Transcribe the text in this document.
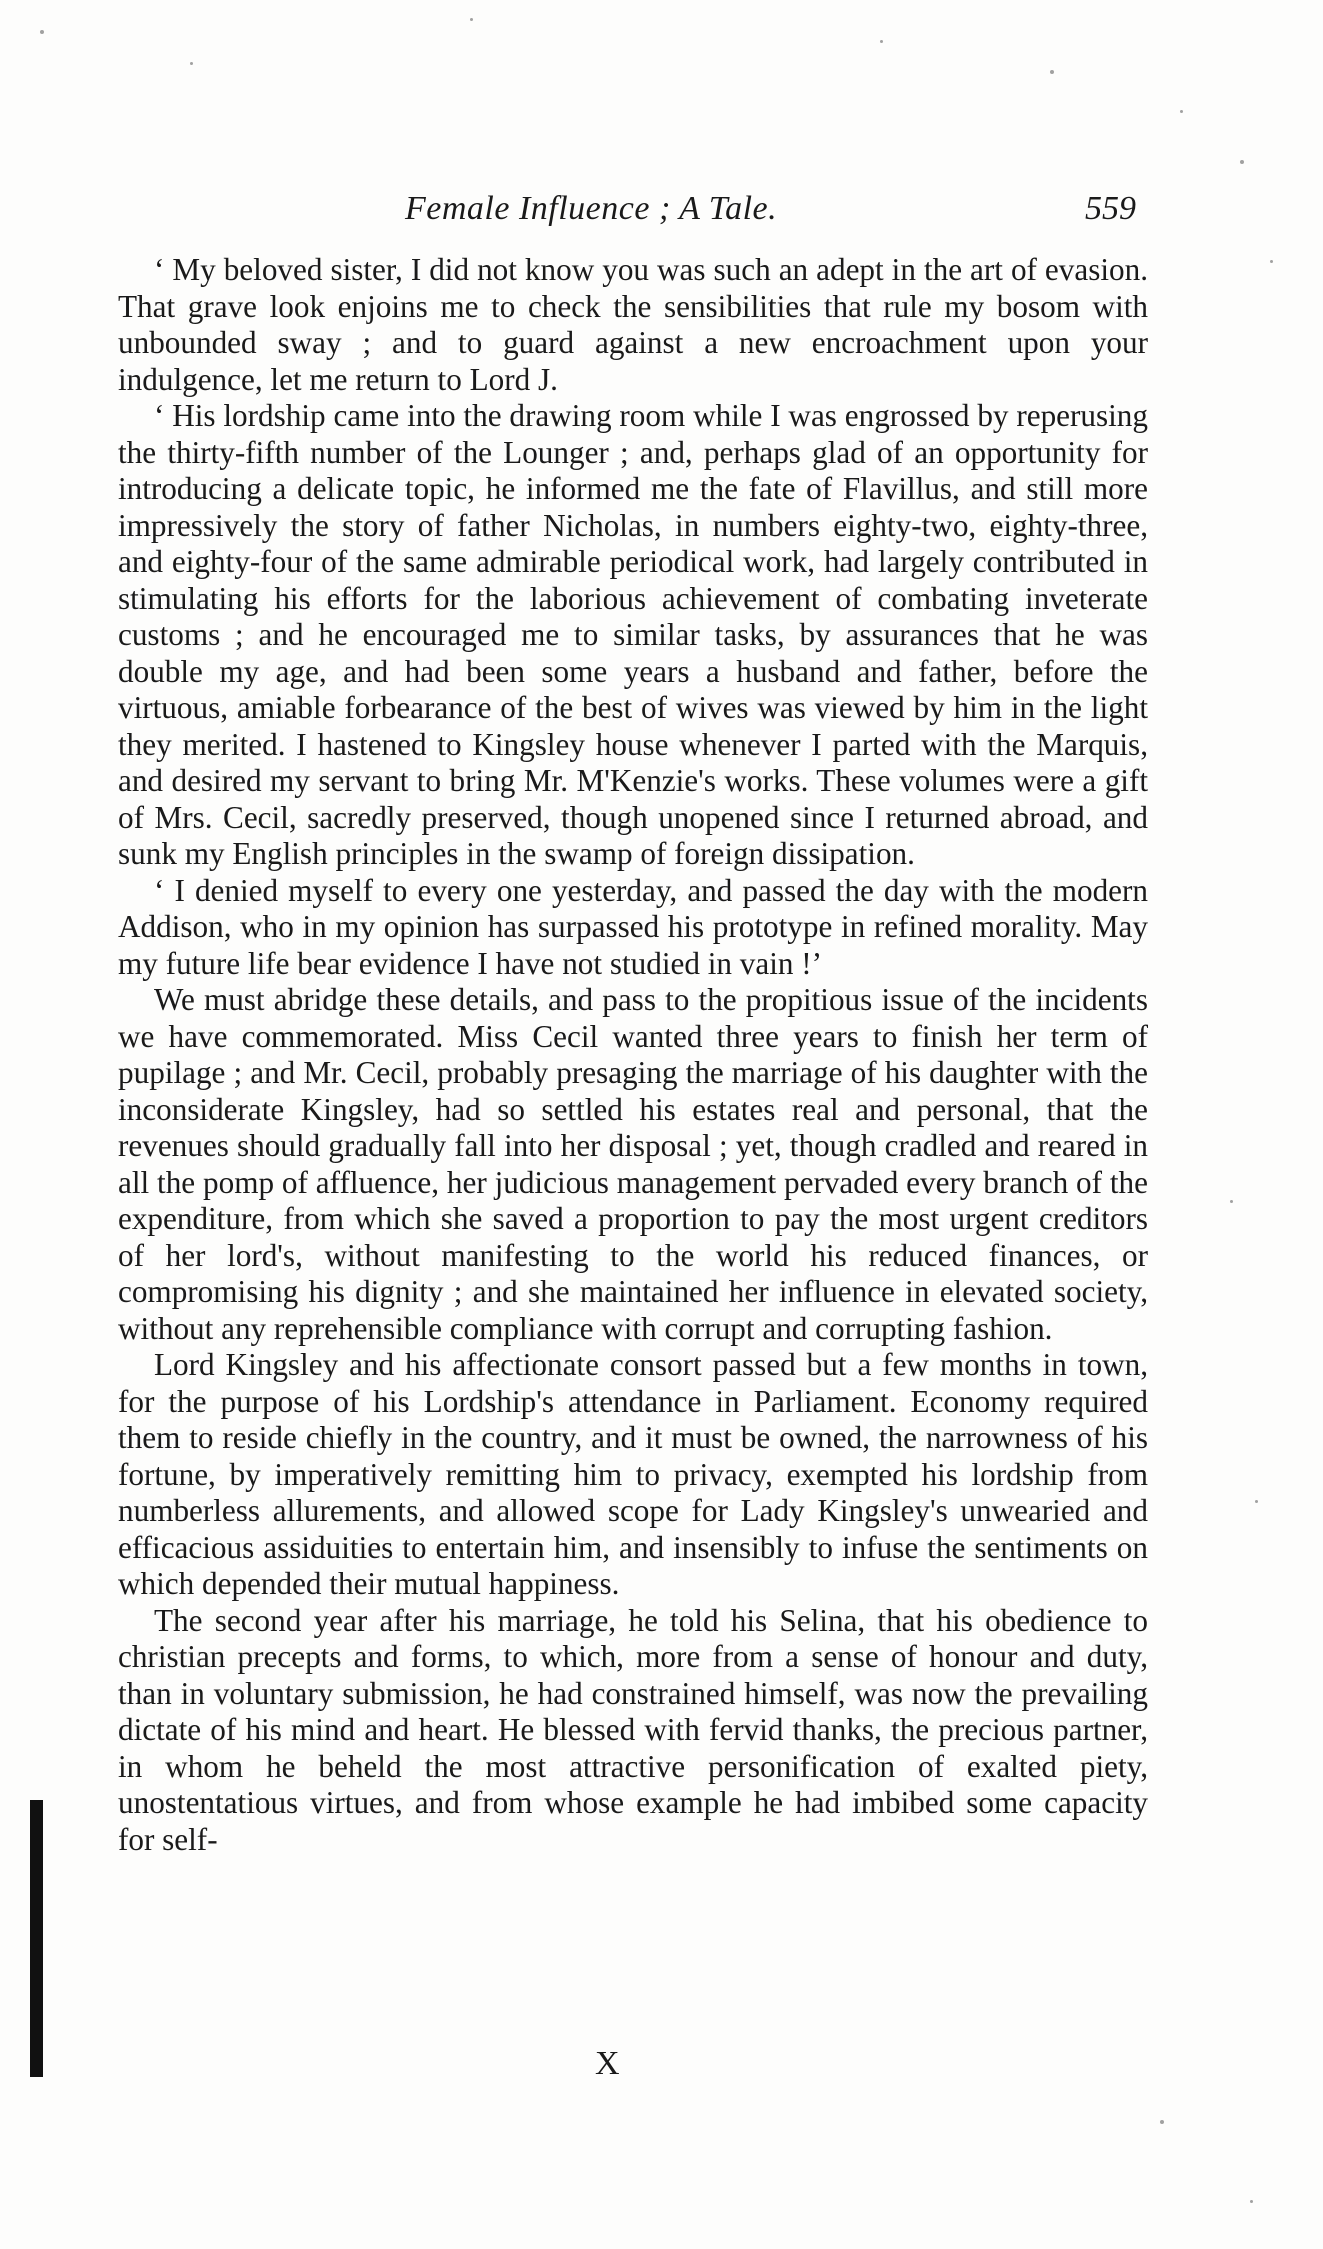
Female Influence ; A Tale.	559

‘ My beloved sister, I did not know you was such an adept in the art of evasion. That grave look enjoins me to check the sensibilities that rule my bosom with unbounded sway ; and to guard against a new encroachment upon your indulgence, let me return to Lord J.

‘ His lordship came into the drawing room while I was engrossed by reperusing the thirty-fifth number of the Lounger ; and, perhaps glad of an opportunity for introducing a delicate topic, he informed me the fate of Flavillus, and still more impressively the story of father Nicholas, in numbers eighty-two, eighty-three, and eighty-four of the same admirable periodical work, had largely contributed in stimulating his efforts for the laborious achievement of combating inveterate customs ; and he encouraged me to similar tasks, by assurances that he was double my age, and had been some years a husband and father, before the virtuous, amiable forbearance of the best of wives was viewed by him in the light they merited. I hastened to Kingsley house whenever I parted with the Marquis, and desired my servant to bring Mr. M'Kenzie's works. These volumes were a gift of Mrs. Cecil, sacredly preserved, though unopened since I returned abroad, and sunk my English principles in the swamp of foreign dissipation.

‘ I denied myself to every one yesterday, and passed the day with the modern Addison, who in my opinion has surpassed his prototype in refined morality. May my future life bear evidence I have not studied in vain !’

We must abridge these details, and pass to the propitious issue of the incidents we have commemorated. Miss Cecil wanted three years to finish her term of pupilage ; and Mr. Cecil, probably presaging the marriage of his daughter with the inconsiderate Kingsley, had so settled his estates real and personal, that the revenues should gradually fall into her disposal ; yet, though cradled and reared in all the pomp of affluence, her judicious management pervaded every branch of the expenditure, from which she saved a proportion to pay the most urgent creditors of her lord's, without manifesting to the world his reduced finances, or compromising his dignity ; and she maintained her influence in elevated society, without any reprehensible compliance with corrupt and corrupting fashion.

Lord Kingsley and his affectionate consort passed but a few months in town, for the purpose of his Lordship's attendance in Parliament. Economy required them to reside chiefly in the country, and it must be owned, the narrowness of his fortune, by imperatively remitting him to privacy, exempted his lordship from numberless allurements, and allowed scope for Lady Kingsley's unwearied and efficacious assiduities to entertain him, and insensibly to infuse the sentiments on which depended their mutual happiness.

The second year after his marriage, he told his Selina, that his obedience to christian precepts and forms, to which, more from a sense of honour and duty, than in voluntary submission, he had constrained himself, was now the prevailing dictate of his mind and heart. He blessed with fervid thanks, the precious partner, in whom he beheld the most attractive personification of exalted piety, unostentatious virtues, and from whose example he had imbibed some capacity for self-

X
